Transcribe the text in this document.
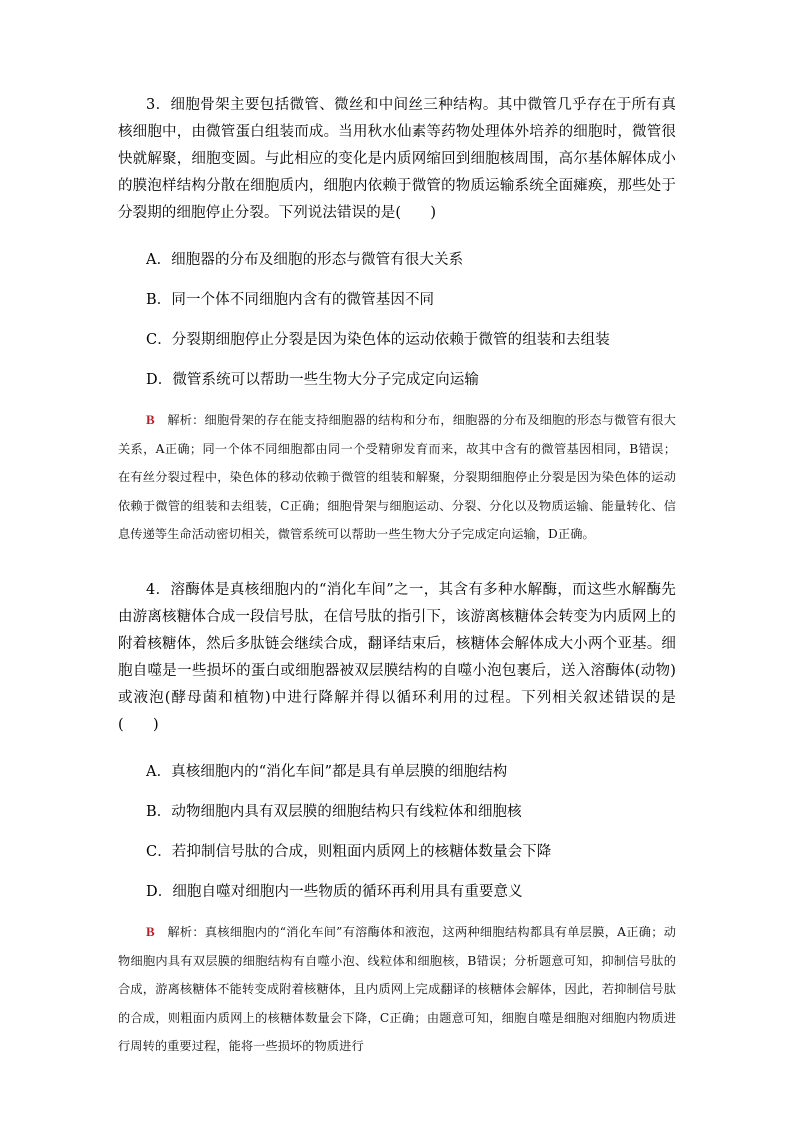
3．细胞骨架主要包括微管、微丝和中间丝三种结构。其中微管几乎存在于所有真核细胞中，由微管蛋白组装而成。当用秋水仙素等药物处理体外培养的细胞时，微管很快就解聚，细胞变圆。与此相应的变化是内质网缩回到细胞核周围，高尔基体解体成小的膜泡样结构分散在细胞质内，细胞内依赖于微管的物质运输系统全面瘫痪，那些处于分裂期的细胞停止分裂。下列说法错误的是(　　)

A．细胞器的分布及细胞的形态与微管有很大关系

B．同一个体不同细胞内含有的微管基因不同

C．分裂期细胞停止分裂是因为染色体的运动依赖于微管的组装和去组装

D．微管系统可以帮助一些生物大分子完成定向运输

B　 解析：细胞骨架的存在能支持细胞器的结构和分布，细胞器的分布及细胞的形态与微管有很大关系，A正确；同一个体不同细胞都由同一个受精卵发育而来，故其中含有的微管基因相同，B错误；在有丝分裂过程中，染色体的移动依赖于微管的组装和解聚，分裂期细胞停止分裂是因为染色体的运动依赖于微管的组装和去组装，C正确；细胞骨架与细胞运动、分裂、分化以及物质运输、能量转化、信息传递等生命活动密切相关，微管系统可以帮助一些生物大分子完成定向运输，D正确。

4．溶酶体是真核细胞内的“消化车间”之一，其含有多种水解酶，而这些水解酶先由游离核糖体合成一段信号肽，在信号肽的指引下，该游离核糖体会转变为内质网上的附着核糖体，然后多肽链会继续合成，翻译结束后，核糖体会解体成大小两个亚基。细胞自噬是一些损坏的蛋白或细胞器被双层膜结构的自噬小泡包裹后，送入溶酶体(动物)或液泡(酵母菌和植物)中进行降解并得以循环利用的过程。下列相关叙述错误的是(　　)

A．真核细胞内的“消化车间”都是具有单层膜的细胞结构

B．动物细胞内具有双层膜的细胞结构只有线粒体和细胞核

C．若抑制信号肽的合成，则粗面内质网上的核糖体数量会下降

D．细胞自噬对细胞内一些物质的循环再利用具有重要意义

B　 解析：真核细胞内的“消化车间”有溶酶体和液泡，这两种细胞结构都具有单层膜，A正确；动物细胞内具有双层膜的细胞结构有自噬小泡、线粒体和细胞核，B错误；分析题意可知，抑制信号肽的合成，游离核糖体不能转变成附着核糖体，且内质网上完成翻译的核糖体会解体，因此，若抑制信号肽的合成，则粗面内质网上的核糖体数量会下降，C正确；由题意可知，细胞自噬是细胞对细胞内物质进行周转的重要过程，能将一些损坏的物质进行
